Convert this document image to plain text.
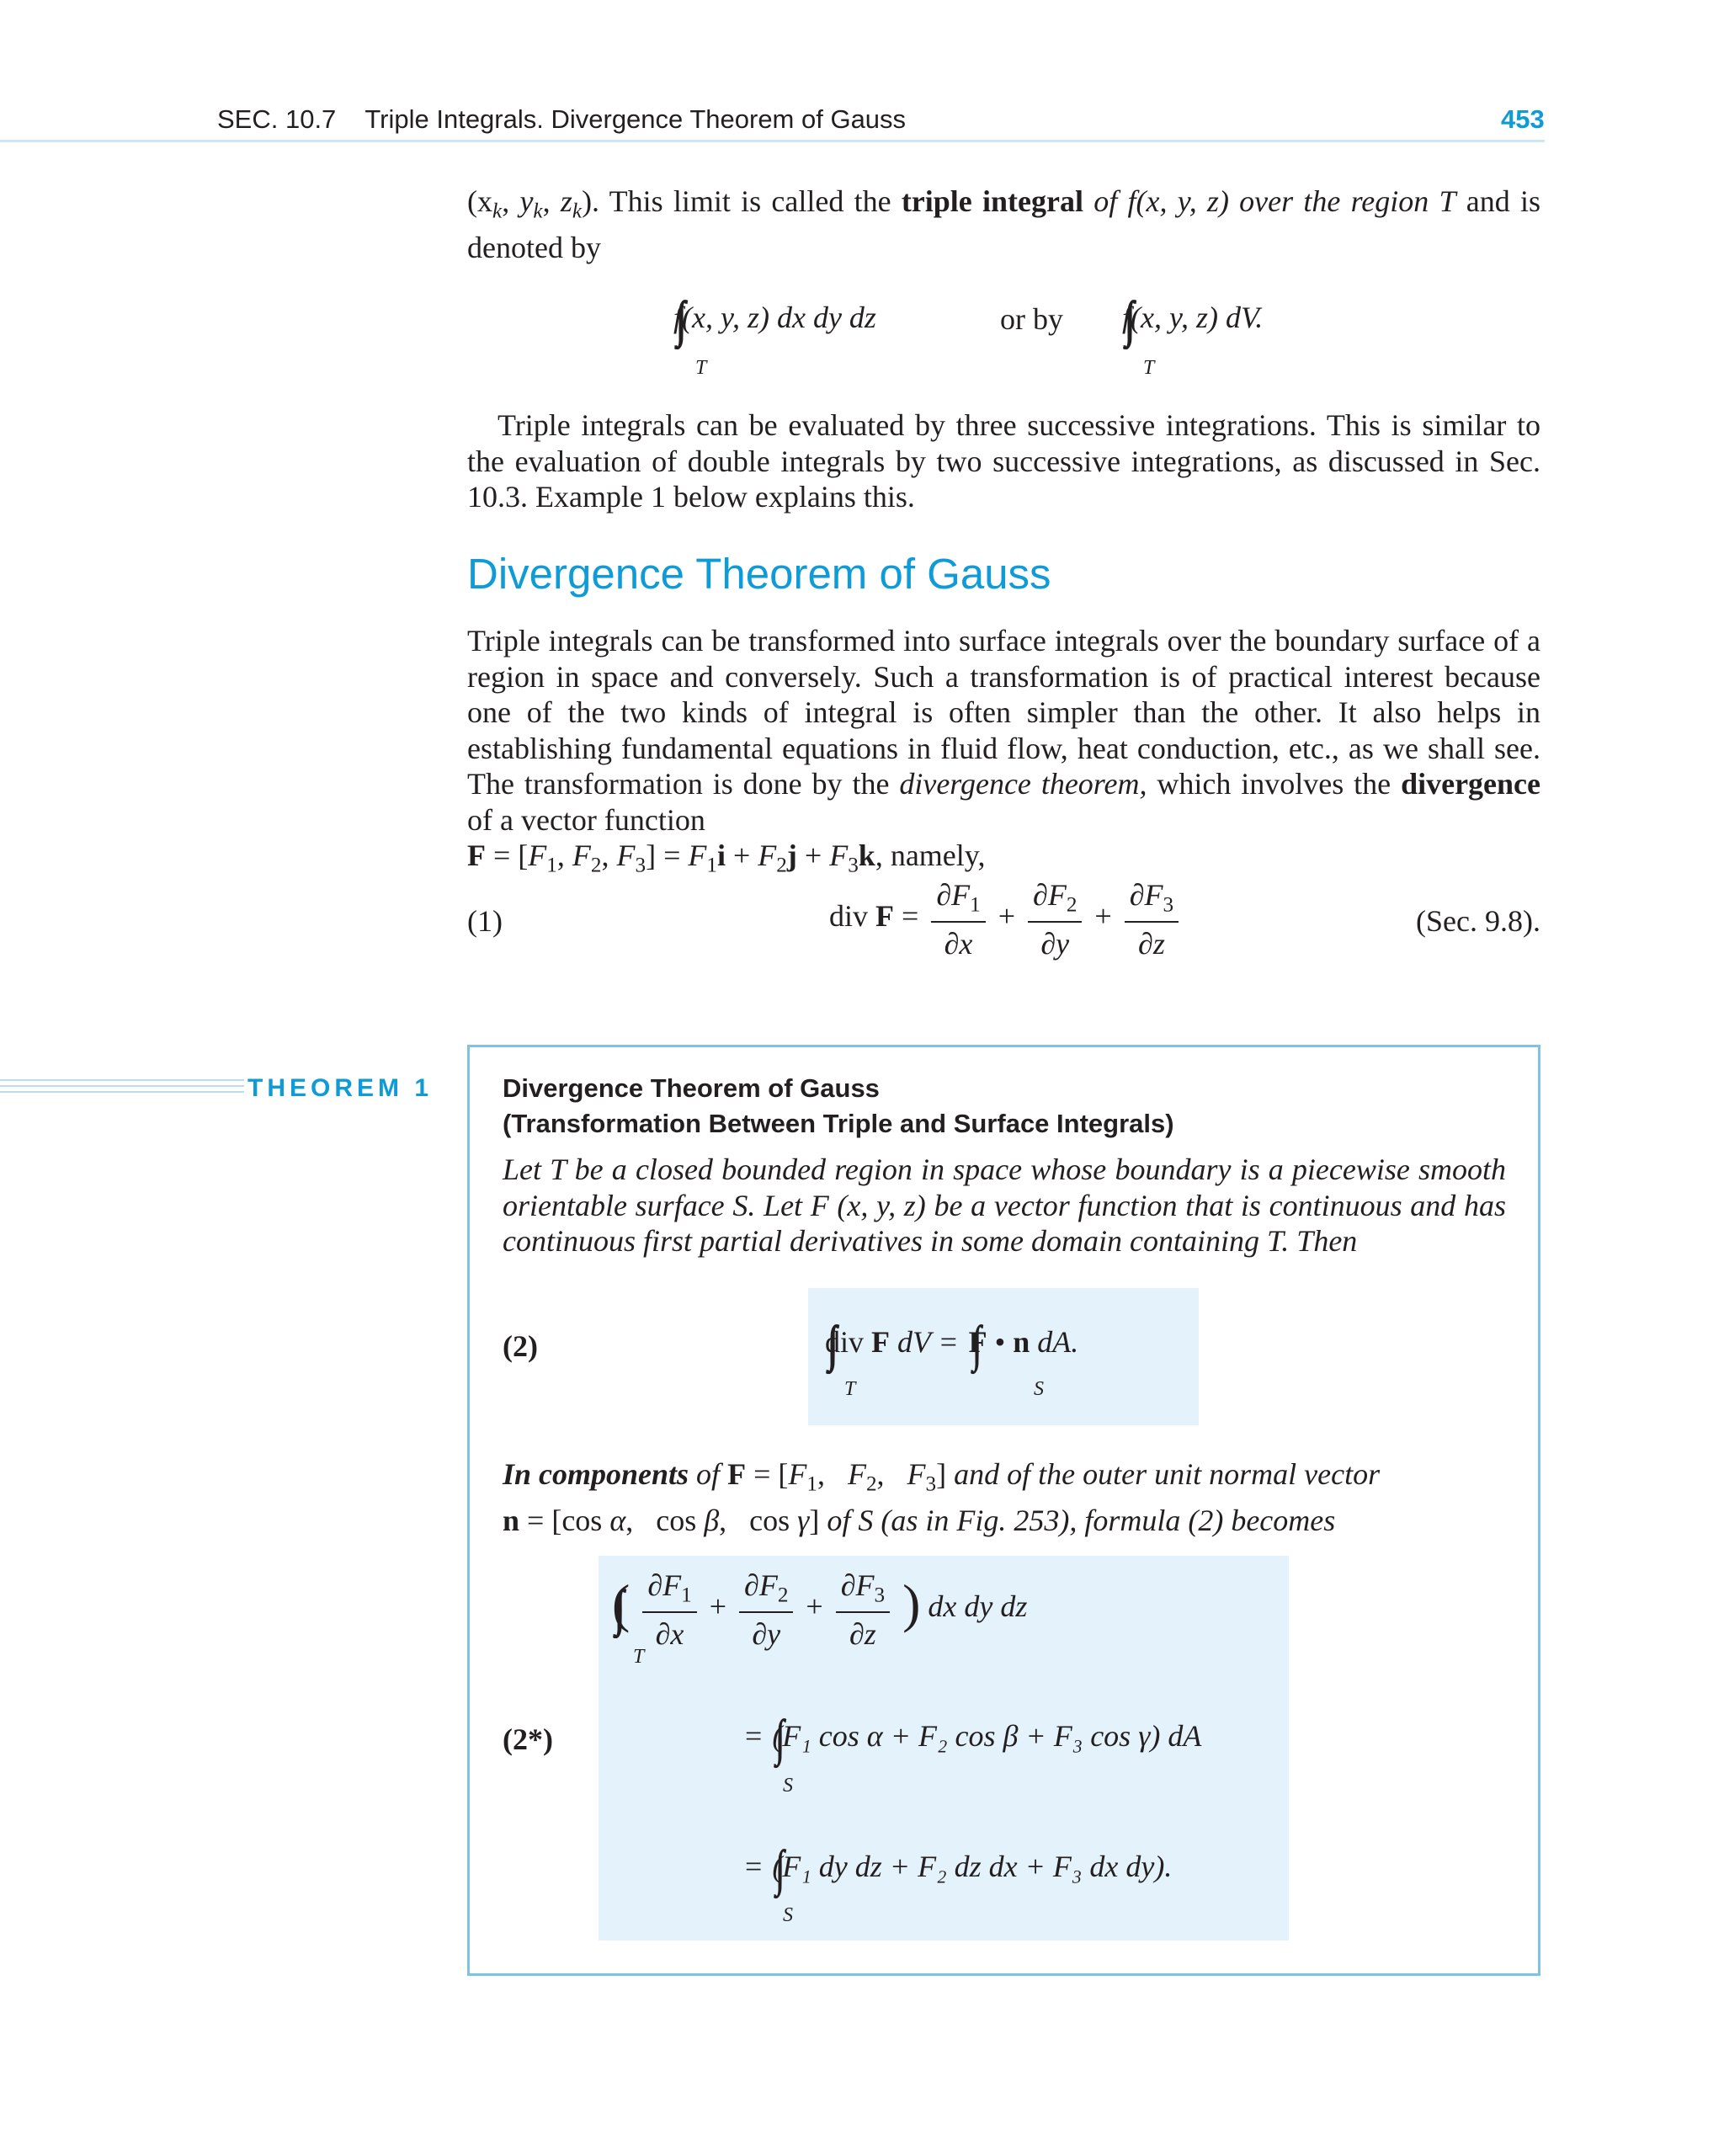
SEC. 10.7 Triple Integrals. Divergence Theorem of Gauss	453

($x_k$, $y_k$, $z_k$). This limit is called the triple integral of f(x, y, z) over the region T and is denoted by

f(x, y, z) dx dy dz
T
or by f(x, y, z) dV.
T
Triple integrals can be evaluated by three successive integrations. This is similar to the evaluation of double integrals by two successive integrations, as discussed in Sec. 10.3. Example 1 below explains this.
Divergence Theorem of Gauss

Triple integrals can be transformed into surface integrals over the boundary surface of a region in space and conversely. Such a transformation is of practical interest because one of the two kinds of integral is often simpler than the other. It also helps in establishing fundamental equations in fluid flow, heat conduction, etc., as we shall see. The transformation is done by the divergence theorem, which involves the divergence of a vector function
$F = [F_1$, $F_2$, $F_3] = F_1i + F_2j + F_3k$, namely,

(1)	div $F = \frac{\partial F_1}{\partial x} + \frac{\partial F_2}{\partial y} + \frac{\partial F_3}{\partial z}$	(Sec. 9.8).
THEOREM 1	Divergence Theorem of Gauss
(Transformation Between Triple and Surface Integrals)
Let T be a closed bounded region in space whose boundary is a piecewise smooth orientable surface S. Let F (x, y, z) be a vector function that is continuous and has continuous first partial derivatives in some domain containing T. Then
(2)	div F dV = F • n dA.
T	S
In components of $F = [F_1$,   $F_2$,   $F_3$] and of the outer unit normal vector
n = [cos α,   cos β,   cos γ] of S (as in Fig. 253), formula (2) becomes
( $\frac{\partial F_1}{\partial x} + \frac{\partial F_2}{\partial y} + \frac{\partial F_3}{\partial z}$ ) dx dy dz
T
(2*)	= (F₁ cos α + F₂ cos β + F₃ cos γ) dA
S
= (F₁ dy dz + F₂ dz dx + F₃ dx dy).
S
